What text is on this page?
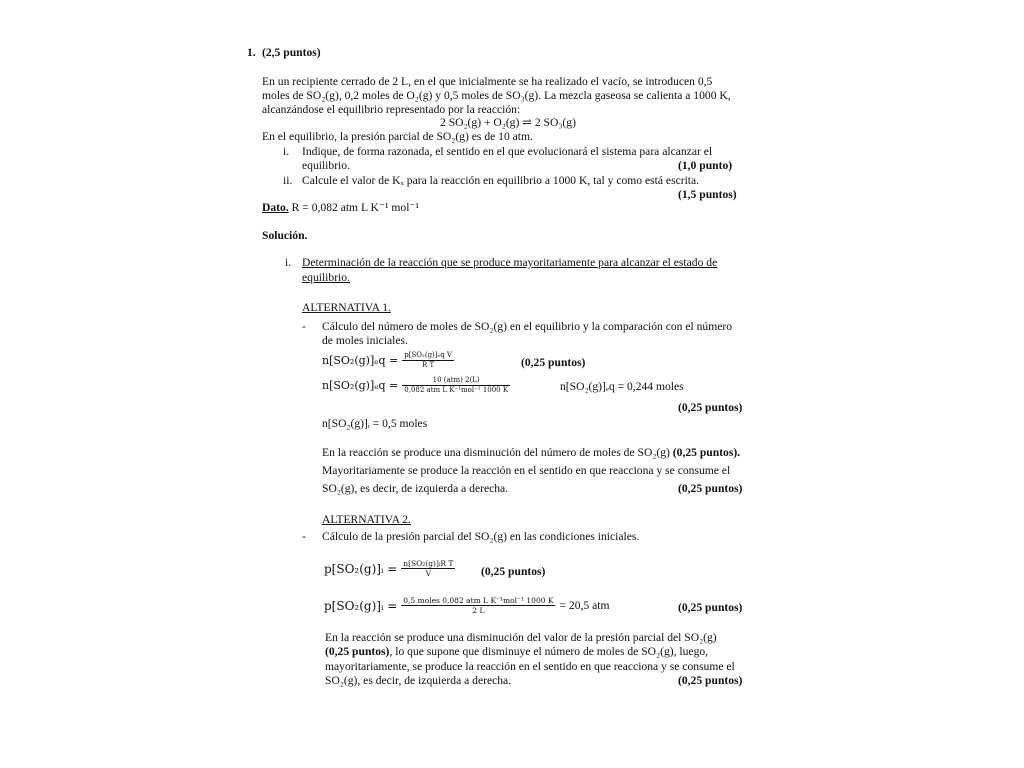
1. (2,5 puntos)
En un recipiente cerrado de 2 L, en el que inicialmente se ha realizado el vacío, se introducen 0,5
moles de SO₂(g), 0,2 moles de O₂(g) y 0,5 moles de SO₃(g). La mezcla gaseosa se calienta a 1000 K,
alcanzándose el equilibrio representado por la reacción:
2 SO₂(g) + O₂(g) ⇌ 2 SO₃(g)
En el equilibrio, la presión parcial de SO₂(g) es de 10 atm.
i. Indique, de forma razonada, el sentido en el que evolucionará el sistema para alcanzar el
equilibrio.	(1,0 punto)
ii. Calcule el valor de Kₓ para la reacción en equilibrio a 1000 K, tal y como está escrita.
(1,5 puntos)
Dato. R = 0,082 atm L K⁻¹ mol⁻¹
Solución.
i. Determinación de la reacción que se produce mayoritariamente para alcanzar el estado de
equilibrio.
ALTERNATIVA 1.
- Cálculo del número de moles de SO₂(g) en el equilibrio y la comparación con el número
de moles iniciales.
$n[SO_2(g)]_eq = \frac{\text{p[SO₂(g)]ₑq V}}{\text{R T}}$	(0,25 puntos)
$n[SO_2(g)]_eq = \frac{\text{10 (atm) 2(L)}}{\text{0,082 atm L K⁻¹mol⁻¹ 1000 K}}$	n[SO₂(g)]ₑq = 0,244 moles
(0,25 puntos)
n[SO₂(g)]ᵢ = 0,5 moles
En la reacción se produce una disminución del número de moles de SO₂(g) (0,25 puntos).
Mayoritariamente se produce la reacción en el sentido en que reacciona y se consume el
SO₂(g), es decir, de izquierda a derecha.	(0,25 puntos)
ALTERNATIVA 2.
- Cálculo de la presión parcial del SO₂(g) en las condiciones iniciales.
p[SO₂(g)]ᵢ = $\frac{\text{n[SO₂(g)]ᵢR T}}{V} (0,25$ puntos)
p[SO₂(g)]ᵢ = $\frac{\text{0,5 moles 0,082 atm L K⁻¹mol⁻¹ 1000 K}}{2 L} = 20,5$ atm	(0,25 puntos)
En la reacción se produce una disminución del valor de la presión parcial del SO₂(g)
(0,25 puntos), lo que supone que disminuye el número de moles de SO₂(g), luego,
mayoritariamente, se produce la reacción en el sentido en que reacciona y se consume el
SO₂(g), es decir, de izquierda a derecha.	(0,25 puntos)
